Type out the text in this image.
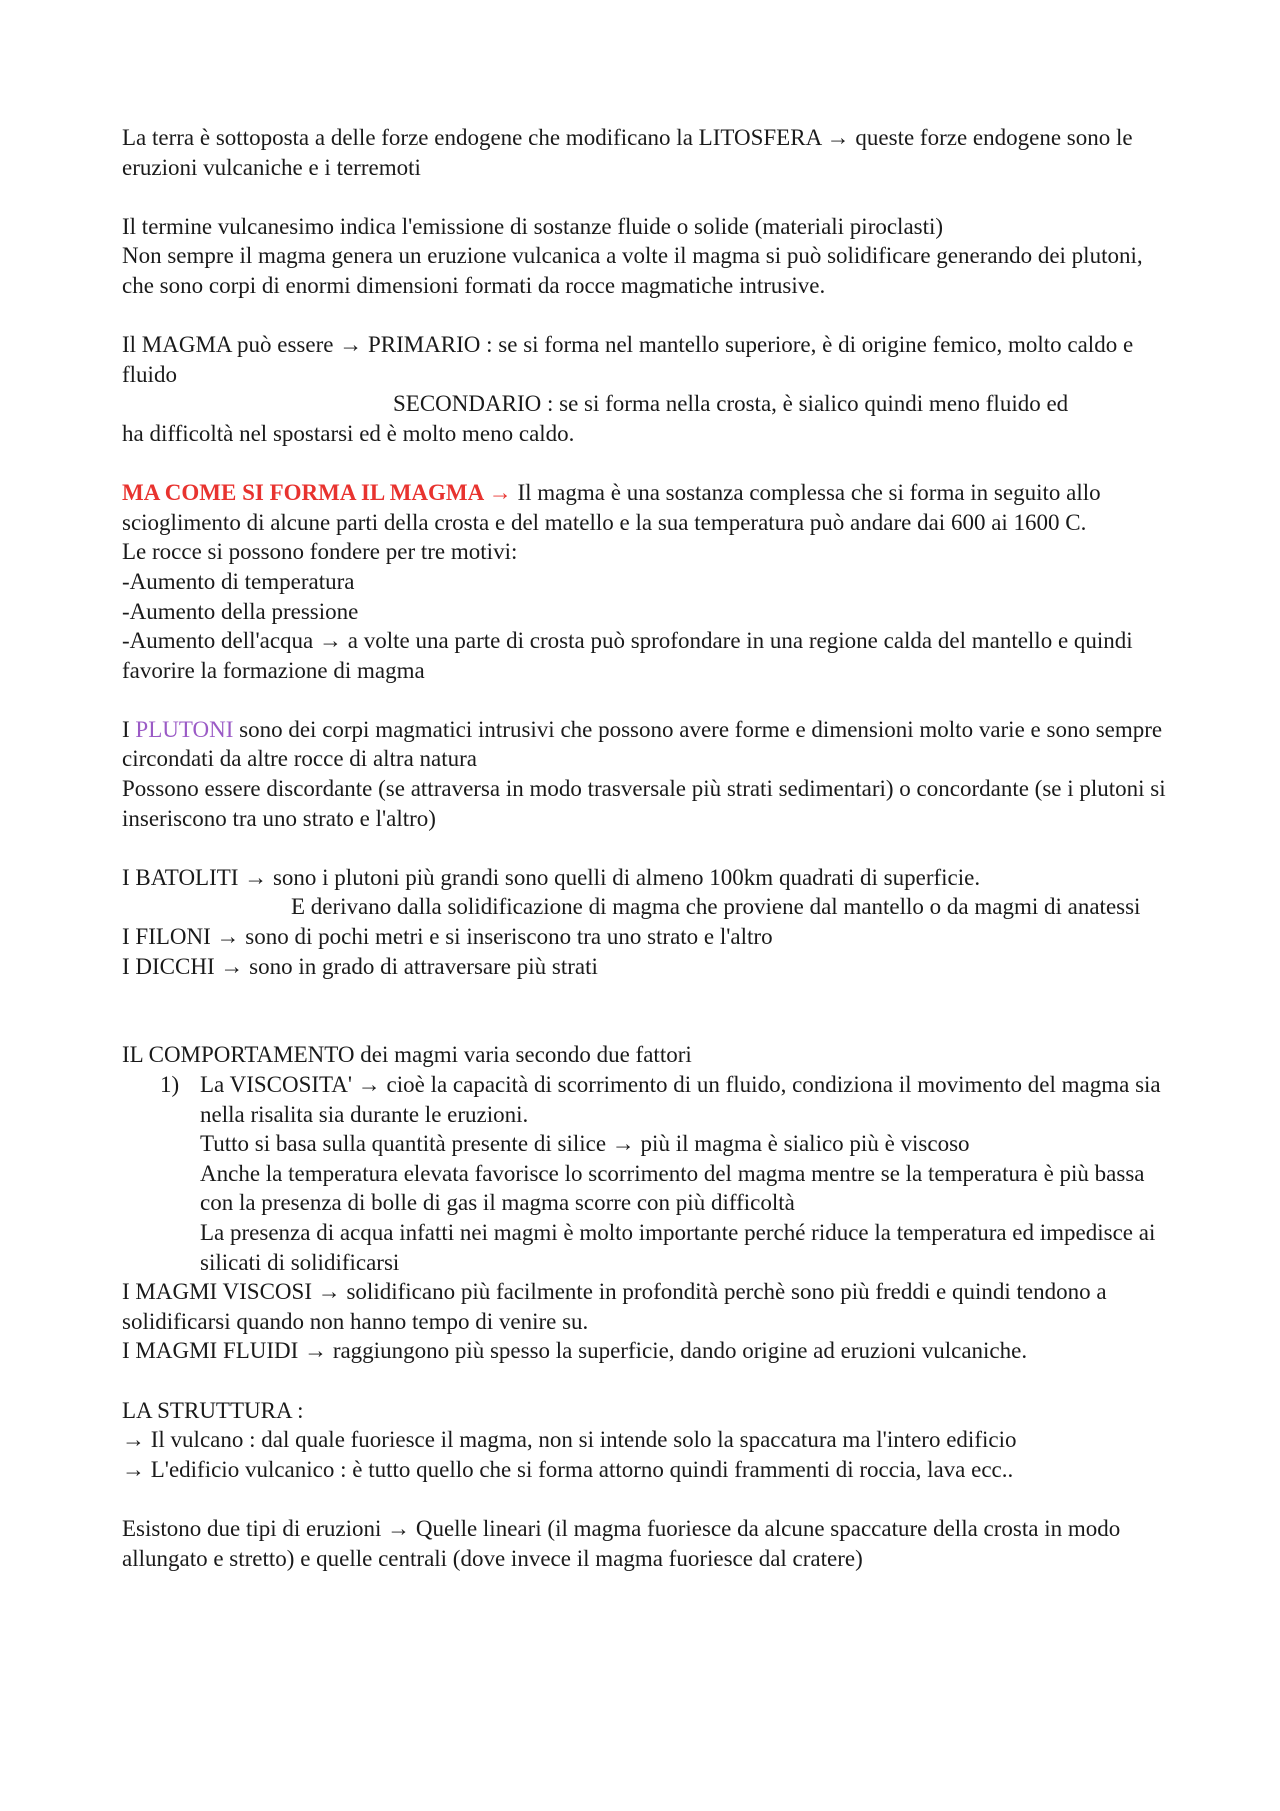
La terra è sottoposta a delle forze endogene che modificano la LITOSFERA → queste forze endogene sono le eruzioni vulcaniche e i terremoti

Il termine vulcanesimo indica l'emissione di sostanze fluide o solide (materiali piroclasti)

Non sempre il magma genera un eruzione vulcanica a volte il magma si può solidificare generando dei plutoni, che sono corpi di enormi dimensioni formati da rocce magmatiche intrusive.

Il MAGMA può essere → PRIMARIO : se si forma nel mantello superiore, è di origine femico, molto caldo e fluido

SECONDARIO : se si forma nella crosta, è sialico quindi meno fluido ed

ha difficoltà nel spostarsi ed è molto meno caldo.

MA COME SI FORMA IL MAGMA → Il magma è una sostanza complessa che si forma in seguito allo scioglimento di alcune parti della crosta e del matello e la sua temperatura può andare dai 600 ai 1600 C.

Le rocce si possono fondere per tre motivi:

-Aumento di temperatura

-Aumento della pressione

-Aumento dell'acqua → a volte una parte di crosta può sprofondare in una regione calda del mantello e quindi favorire la formazione di magma

I PLUTONI sono dei corpi magmatici intrusivi che possono avere forme e dimensioni molto varie e sono sempre circondati da altre rocce di altra natura

Possono essere discordante (se attraversa in modo trasversale più strati sedimentari) o concordante (se i plutoni si inseriscono tra uno strato e l'altro)

I BATOLITI → sono i plutoni più grandi sono quelli di almeno 100km quadrati di superficie.

E derivano dalla solidificazione di magma che proviene dal mantello o da magmi di anatessi

I FILONI → sono di pochi metri e si inseriscono tra uno strato e l'altro

I DICCHI → sono in grado di attraversare più strati

IL COMPORTAMENTO dei magmi varia secondo due fattori

1) La VISCOSITA' → cioè la capacità di scorrimento di un fluido, condiziona il movimento del magma sia nella risalita sia durante le eruzioni.

Tutto si basa sulla quantità presente di silice → più il magma è sialico più è viscoso

Anche la temperatura elevata favorisce lo scorrimento del magma mentre se la temperatura è più bassa con la presenza di bolle di gas il magma scorre con più difficoltà

La presenza di acqua infatti nei magmi è molto importante perché riduce la temperatura ed impedisce ai silicati di solidificarsi

I MAGMI VISCOSI → solidificano più facilmente in profondità perchè sono più freddi e quindi tendono a solidificarsi quando non hanno tempo di venire su.

I MAGMI FLUIDI → raggiungono più spesso la superficie, dando origine ad eruzioni vulcaniche.

LA STRUTTURA :

→ Il vulcano : dal quale fuoriesce il magma, non si intende solo la spaccatura ma l'intero edificio

→ L'edificio vulcanico : è tutto quello che si forma attorno quindi frammenti di roccia, lava ecc..

Esistono due tipi di eruzioni → Quelle lineari (il magma fuoriesce da alcune spaccature della crosta in modo allungato e stretto) e quelle centrali (dove invece il magma fuoriesce dal cratere)
